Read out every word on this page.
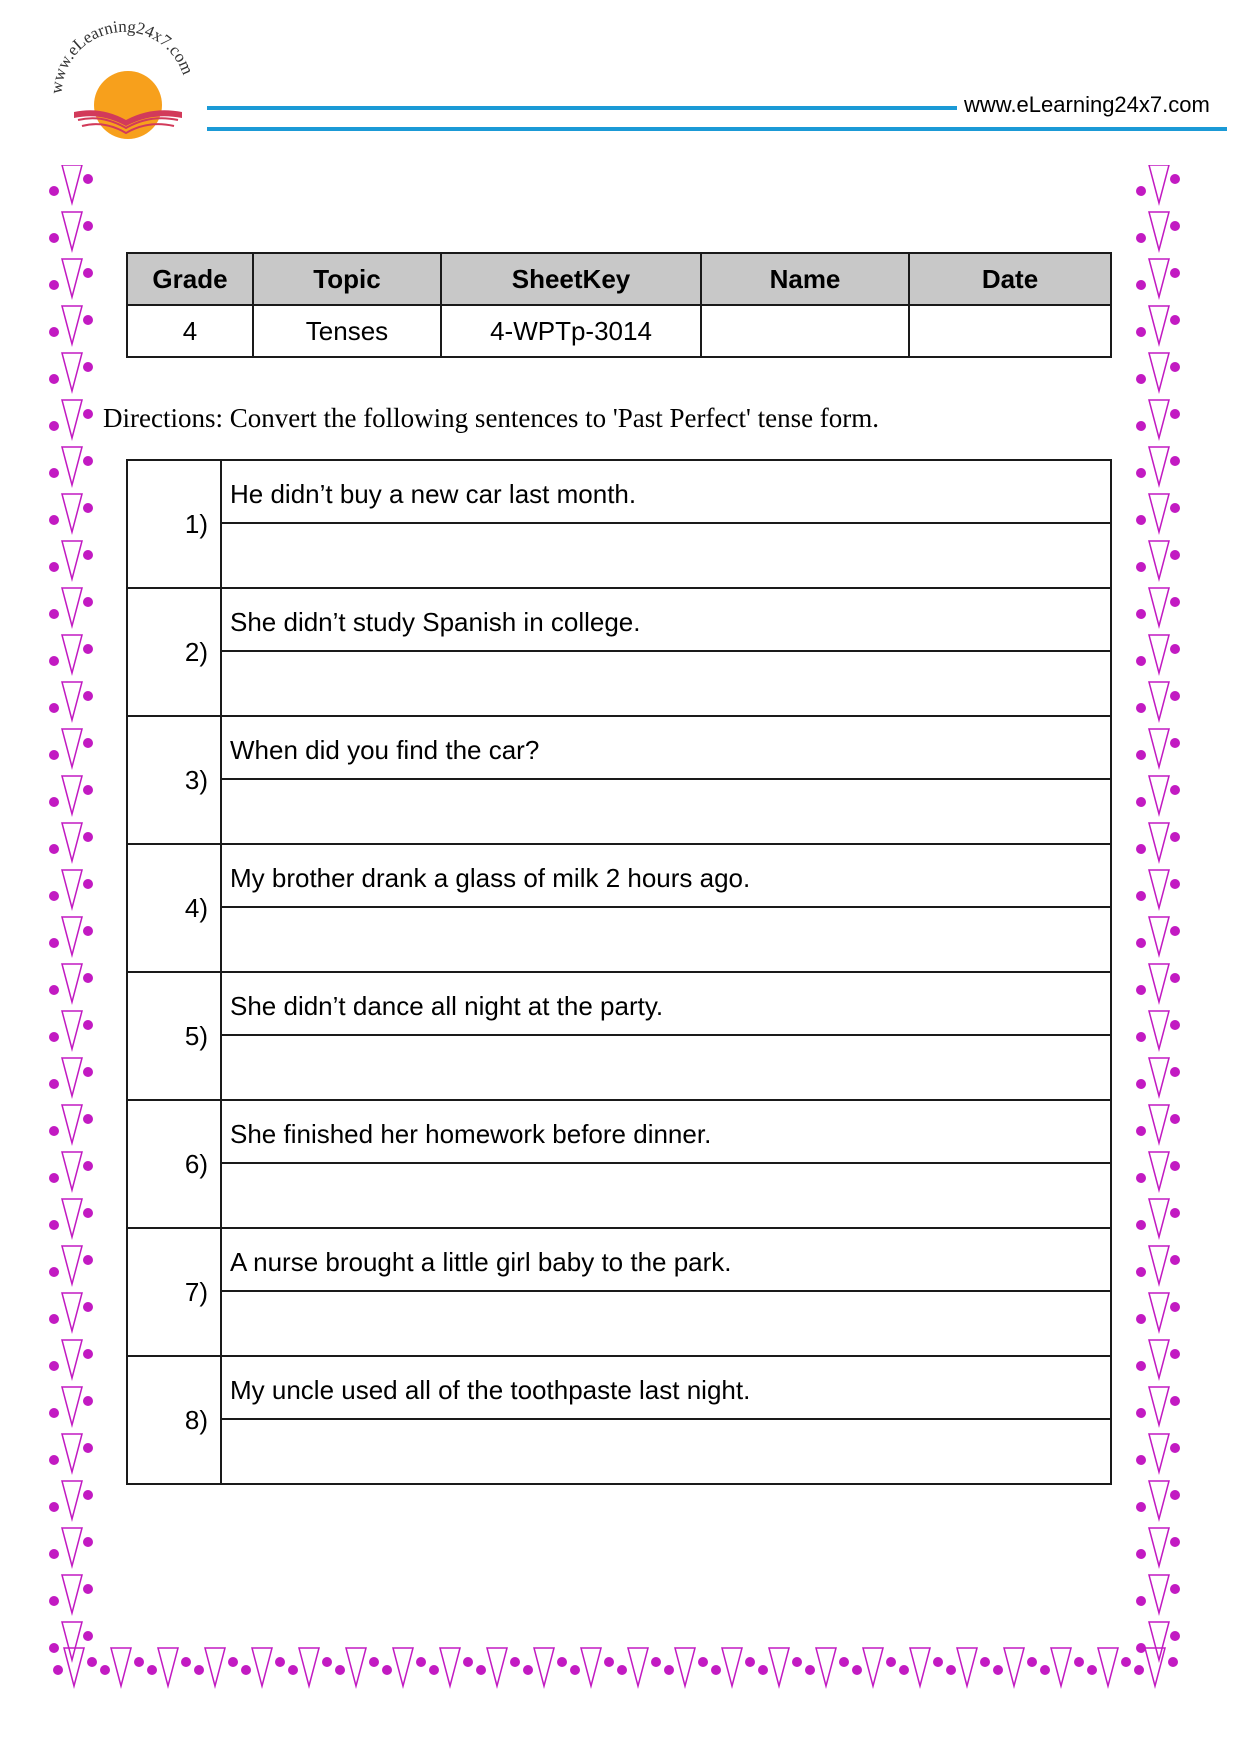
www.eLearning24x7.com
www.eLearning24x7.com
Grade	Topic	SheetKey	Name	Date
4	Tenses	4-WPTp-3014		
Directions: Convert the following sentences to 'Past Perfect' tense form.
1)	He didn’t buy a new car last month.

2)	She didn’t study Spanish in college.

3)	When did you find the car?

4)	My brother drank a glass of milk 2 hours ago.

5)	She didn’t dance all night at the party.

6)	She finished her homework before dinner.

7)	A nurse brought a little girl baby to the park.

8)	My uncle used all of the toothpaste last night.
